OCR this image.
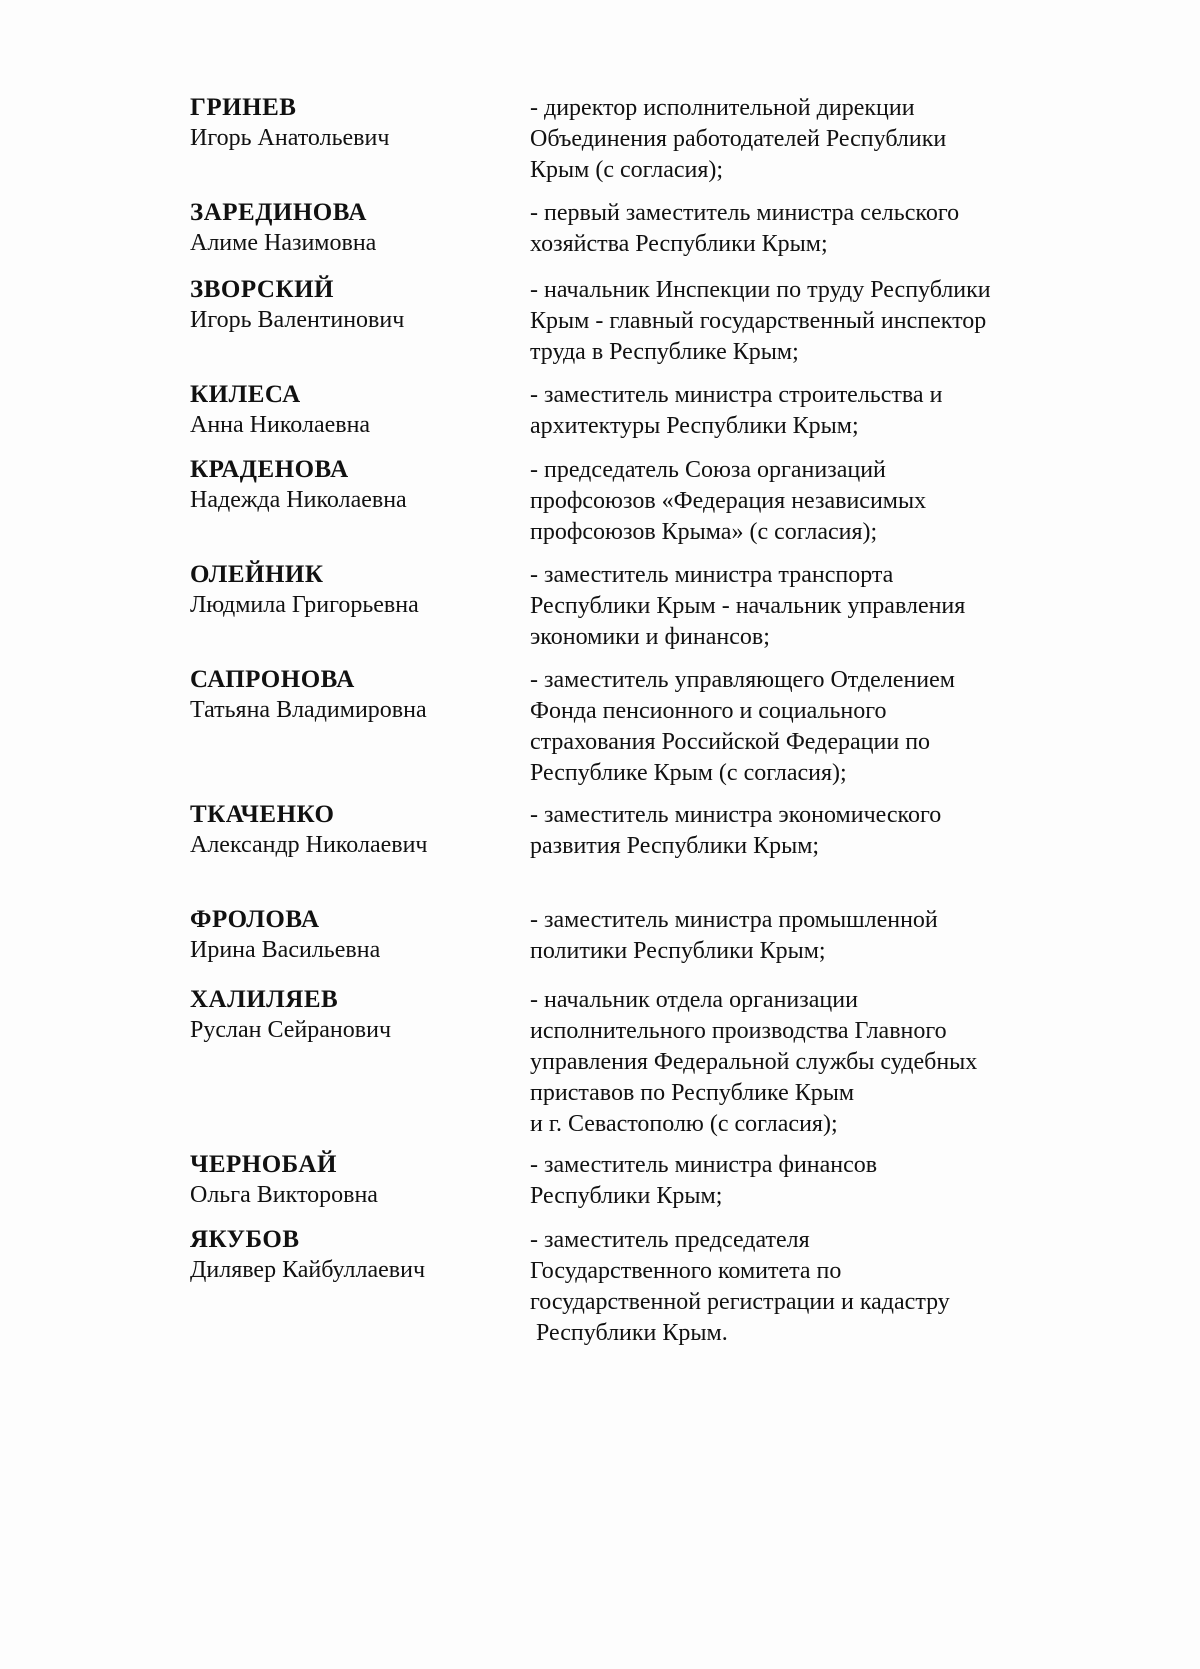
ГРИНЕВ
Игорь Анатольевич
- директор исполнительной дирекции
Объединения работодателей Республики
Крым (с согласия);
ЗАРЕДИНОВА
Алиме Назимовна
- первый заместитель министра сельского
хозяйства Республики Крым;
ЗВОРСКИЙ
Игорь Валентинович
- начальник Инспекции по труду Республики
Крым - главный государственный инспектор
труда в Республике Крым;
КИЛЕСА
Анна Николаевна
- заместитель министра строительства и
архитектуры Республики Крым;
КРАДЕНОВА
Надежда Николаевна
- председатель Союза организаций
профсоюзов «Федерация независимых
профсоюзов Крыма» (с согласия);
ОЛЕЙНИК
Людмила Григорьевна
- заместитель министра транспорта
Республики Крым - начальник управления
экономики и финансов;
САПРОНОВА
Татьяна Владимировна
- заместитель управляющего Отделением
Фонда пенсионного и социального
страхования Российской Федерации по
Республике Крым (с согласия);
ТКАЧЕНКО
Александр Николаевич
- заместитель министра экономического
развития Республики Крым;
ФРОЛОВА
Ирина Васильевна
- заместитель министра промышленной
политики Республики Крым;
ХАЛИЛЯЕВ
Руслан Сейранович
- начальник отдела организации
исполнительного производства Главного
управления Федеральной службы судебных
приставов по Республике Крым
и г. Севастополю (с согласия);
ЧЕРНОБАЙ
Ольга Викторовна
- заместитель министра финансов
Республики Крым;
ЯКУБОВ
Дилявер Кайбуллаевич
- заместитель председателя
Государственного комитета по
государственной регистрации и кадастру
Республики Крым.
